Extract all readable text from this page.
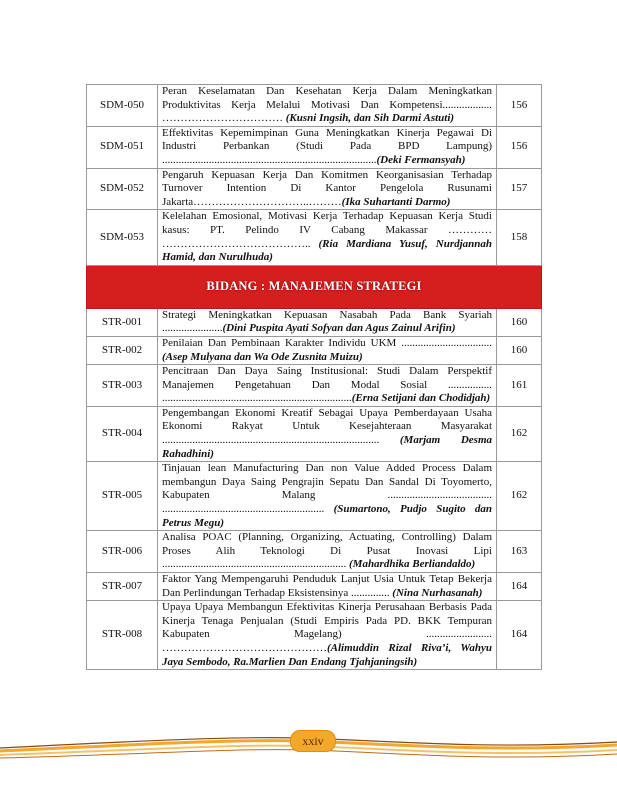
SDM-050	Peran Keselamatan Dan Kesehatan Kerja Dalam Meningkatkan Produktivitas Kerja Melalui Motivasi Dan Kompetensi.................. …………………………… (Kusni Ingsih, dan Sih Darmi Astuti)	156
SDM-051	Effektivitas Kepemimpinan Guna Meningkatkan Kinerja Pegawai Di Industri Perbankan (Studi Pada BPD Lampung) ..............................................................................(Deki Fermansyah)	156
SDM-052	Pengaruh Kepuasan Kerja Dan Komitmen Keorganisasian Terhadap Turnover Intention Di Kantor Pengelola Rusunami Jakarta…………………………..………(Ika Suhartanti Darmo)	157
SDM-053	Kelelahan Emosional, Motivasi Kerja Terhadap Kepuasan Kerja Studi kasus: PT. Pelindo IV Cabang Makassar ………… ………………………………….. (Ria Mardiana Yusuf, Nurdjannah Hamid, dan Nurulhuda)	158
BIDANG : MANAJEMEN STRATEGI		
STR-001	Strategi Meningkatkan Kepuasan Nasabah Pada Bank Syariah ......................(Dini Puspita Ayati Sofyan dan Agus Zainul Arifin)	160
STR-002	Penilaian Dan Pembinaan Karakter Individu UKM .................................(Asep Mulyana dan Wa Ode Zusnita Muizu)	160
STR-003	Pencitraan Dan Daya Saing Institusional: Studi Dalam Perspektif Manajemen Pengetahuan Dan Modal Sosial ................ .....................................................................(Erna Setijani dan Chodidjah)	161
STR-004	Pengembangan Ekonomi Kreatif Sebagai Upaya Pemberdayaan Usaha Ekonomi Rakyat Untuk Kesejahteraan Masyarakat ............................................................................... (Marjam Desma Rahadhini)	162
STR-005	Tinjauan lean Manufacturing Dan non Value Added Process Dalam membangun Daya Saing Pengrajin Sepatu Dan Sandal Di Toyomerto, Kabupaten Malang ...................................... ........................................................... (Sumartono, Pudjo Sugito dan Petrus Megu)	162
STR-006	Analisa POAC (Planning, Organizing, Actuating, Controlling) Dalam Proses Alih Teknologi Di Pusat Inovasi Lipi ................................................................... (Mahardhika Berliandaldo)	163
STR-007	Faktor Yang Mempengaruhi Penduduk Lanjut Usia Untuk Tetap Bekerja Dan Perlindungan Terhadap Eksistensinya .............. (Nina Nurhasanah)	164
STR-008	Upaya Upaya Membangun Efektivitas Kinerja Perusahaan Berbasis Pada Kinerja Tenaga Penjualan (Studi Empiris Pada PD. BKK Tempuran Kabupaten Magelang) ........................ ………………………………………(Alimuddin Rizal Riva’i, Wahyu Jaya Sembodo, Ra.Marlien Dan Endang Tjahjaningsih)	164
xxiv
